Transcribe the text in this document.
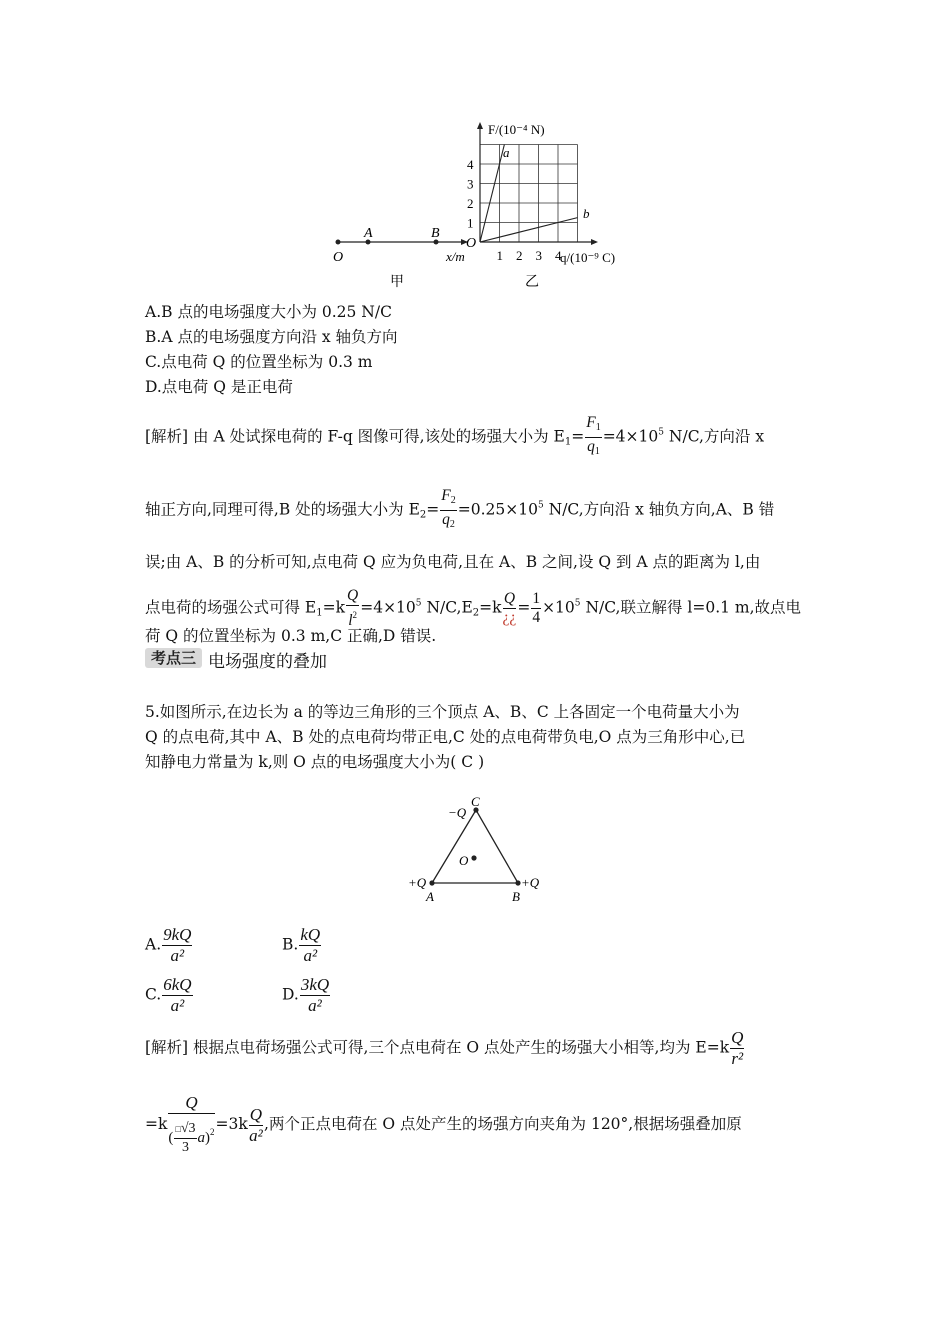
O
A	B
x/m
a
b
O
F/(10⁻⁴ N)
q/(10⁻⁹ C)
4
3
2
1
1 2 3 4
甲	乙
A.B 点的电场强度大小为 0.25 N/C
B.A 点的电场强度方向沿 x 轴负方向
C.点电荷 Q 的位置坐标为 0.3 m
D.点电荷 Q 是正电荷
[解析] 由 A 处试探电荷的 F-q 图像可得,该处的场强大小为 $E_1= \frac{F_1}{q_1} =4\times 10^5$ N/C,方向沿 x
轴正方向,同理可得,B 处的场强大小为 $E_2= \frac{F_2}{q_2} =0.25\times 10^5$ N/C,方向沿 x 轴负方向,A、B 错
误;由 A、B 的分析可知,点电荷 Q 应为负电荷,且在 A、B 之间,设 Q 到 A 点的距离为 l,由
点电荷的场强公式可得 $E_1=k \frac{Q}{l^2} =4\times 10^5$ $N/C,E_2=k \frac{Q}{¿¿} = \frac{1}{4} \times 10^5$ N/C,联立解得 l=0.1 m,故点电
荷 Q 的位置坐标为 0.3 m,C 正确,D 错误.
考点三 电场强度的叠加
5.如图所示,在边长为 a 的等边三角形的三个顶点 A、B、C 上各固定一个电荷量大小为
Q 的点电荷,其中 A、B 处的点电荷均带正电,C 处的点电荷带负电,O 点为三角形中心,已
知静电力常量为 k,则 O 点的电场强度大小为( C )
−Q
C
O
+Q
A
+Q
B
A. $\frac{9kQ}{\text{a²}}$	B. $\frac{kQ}{\text{a²}}$
C. $\frac{6kQ}{\text{a²}}$	D. $\frac{3kQ}{\text{a²}}$
[解析] 根据点电荷场强公式可得,三个点电荷在 O 点处产生的场强大小相等,均为 $E=k \frac{Q}{\text{r²}}$
$=k \frac{Q}{( \frac{□√3}{3} a)^2} =3k \frac{Q}{\text{a²}}$ ,两个正点电荷在 O 点处产生的场强方向夹角为 120°,根据场强叠加原
